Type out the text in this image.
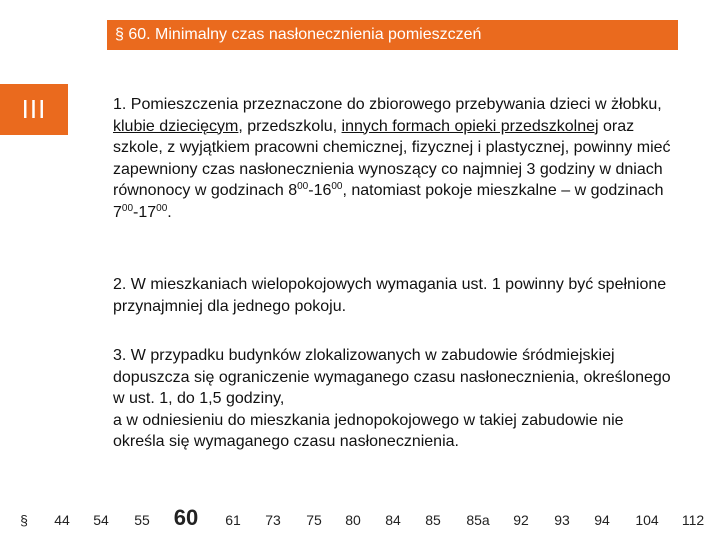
§ 60. Minimalny czas nasłonecznienia pomieszczeń
III	1. Pomieszczenia przeznaczone do zbiorowego przebywania dzieci w żłobku, klubie dziecięcym, przedszkolu, innych formach opieki przedszkolnej oraz szkole, z wyjątkiem pracowni chemicznej, fizycznej i plastycznej, powinny mieć zapewniony czas nasłonecznienia wynoszący co najmniej 3 godziny w dniach równonocy w godzinach $8^{00}-16^{00}$, natomiast pokoje mieszkalne – w godzinach $7^{00}-17^{00}$.
2. W mieszkaniach wielopokojowych wymagania ust. 1 powinny być spełnione przynajmniej dla jednego pokoju.
3. W przypadku budynków zlokalizowanych w zabudowie śródmiejskiej dopuszcza się ograniczenie wymaganego czasu nasłonecznienia, określonego w ust. 1, do 1,5 godziny,
a w odniesieniu do mieszkania jednopokojowego w takiej zabudowie nie określa się wymaganego czasu nasłonecznienia.
§ 44 54 55 60 61 73 75 80 84 85 85a 92 93 94 104 112
